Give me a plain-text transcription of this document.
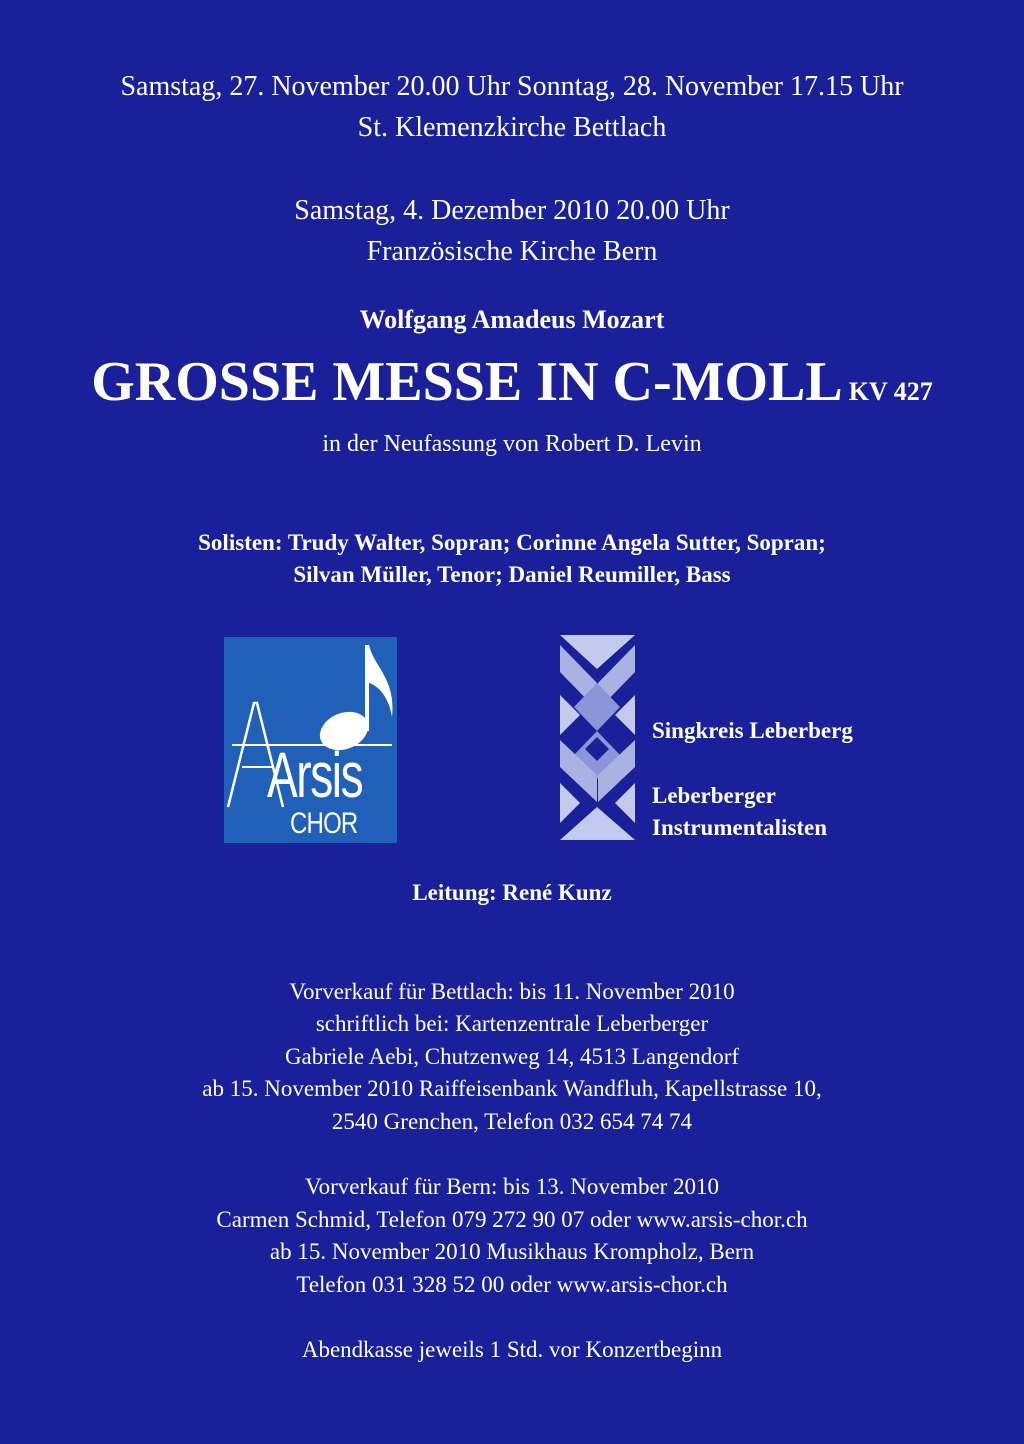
Samstag, 27. November 20.00 Uhr Sonntag, 28. November 17.15 Uhr
St. Klemenzkirche Bettlach
Samstag, 4. Dezember 2010 20.00 Uhr
Französische Kirche Bern
Wolfgang Amadeus Mozart
GROSSE MESSE IN C-MOLL KV 427
in der Neufassung von Robert D. Levin
Solisten: Trudy Walter, Sopran; Corinne Angela Sutter, Sopran;
Silvan Müller, Tenor; Daniel Reumiller, Bass
Arsis
CHOR
Singkreis Leberberg
Leberberger
Instrumentalisten
Leitung: René Kunz
Vorverkauf für Bettlach: bis 11. November 2010
schriftlich bei: Kartenzentrale Leberberger
Gabriele Aebi, Chutzenweg 14, 4513 Langendorf
ab 15. November 2010 Raiffeisenbank Wandfluh, Kapellstrasse 10,
2540 Grenchen, Telefon 032 654 74 74
Vorverkauf für Bern: bis 13. November 2010
Carmen Schmid, Telefon 079 272 90 07 oder www.arsis-chor.ch
ab 15. November 2010 Musikhaus Krompholz, Bern
Telefon 031 328 52 00 oder www.arsis-chor.ch
Abendkasse jeweils 1 Std. vor Konzertbeginn
